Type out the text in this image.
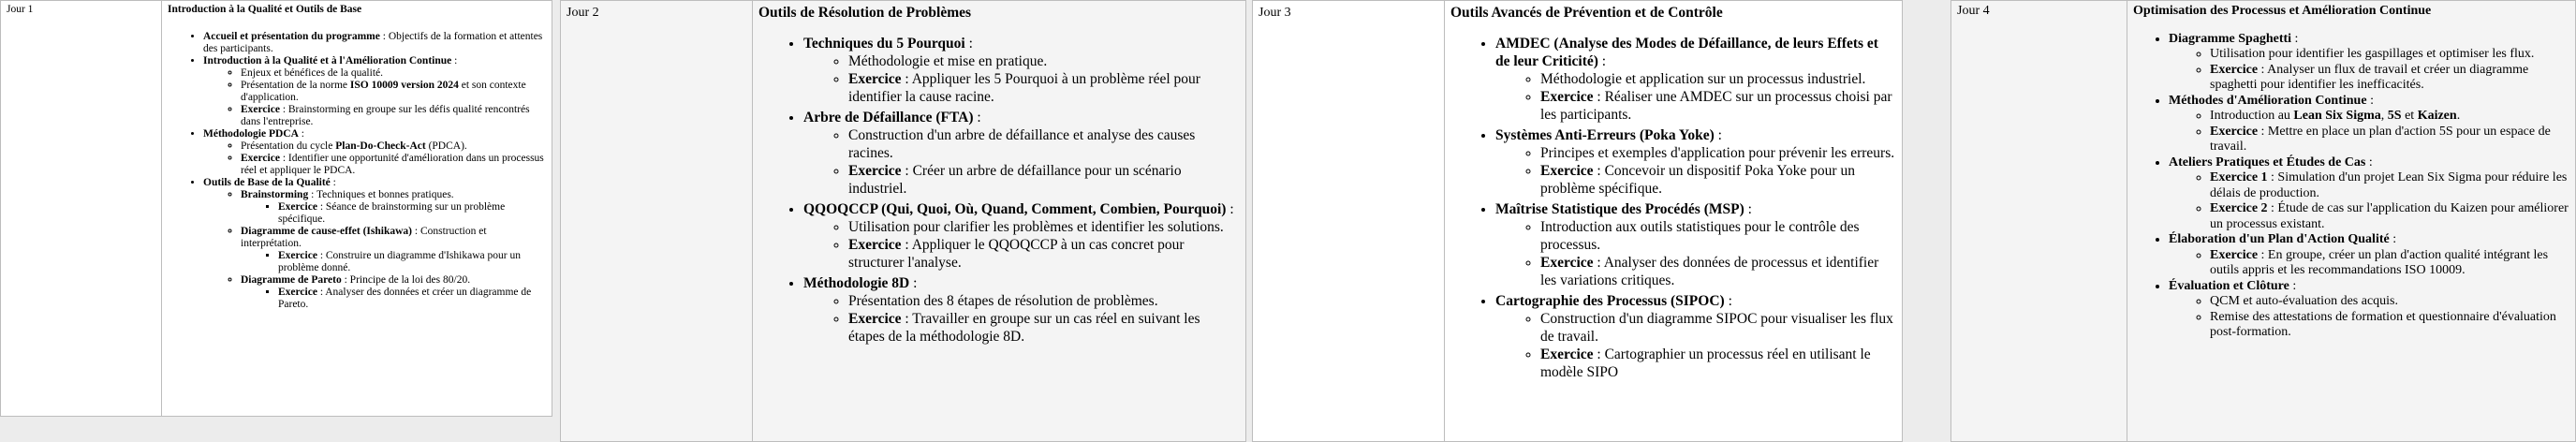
Jour 1	Introduction à la Qualité et Outils de Base
• Accueil et présentation du programme : Objectifs de la formation et attentes des participants.
• Introduction à la Qualité et à l'Amélioration Continue :
◦ Enjeux et bénéfices de la qualité.
◦ Présentation de la norme ISO 10009 version 2024 et son contexte d'application.
◦ Exercice : Brainstorming en groupe sur les défis qualité rencontrés dans l'entreprise.
• Méthodologie PDCA :
◦ Présentation du cycle Plan-Do-Check-Act (PDCA).
◦ Exercice : Identifier une opportunité d'amélioration dans un processus réel et appliquer le PDCA.
• Outils de Base de la Qualité :
◦ Brainstorming : Techniques et bonnes pratiques.
▪ Exercice : Séance de brainstorming sur un problème spécifique.
◦ Diagramme de cause-effet (Ishikawa) : Construction et interprétation.
▪ Exercice : Construire un diagramme d'Ishikawa pour un problème donné.
◦ Diagramme de Pareto : Principe de la loi des 80/20.
▪ Exercice : Analyser des données et créer un diagramme de Pareto.
Jour 2	Outils de Résolution de Problèmes
• Techniques du 5 Pourquoi :
◦ Méthodologie et mise en pratique.
◦ Exercice : Appliquer les 5 Pourquoi à un problème réel pour identifier la cause racine.
• Arbre de Défaillance (FTA) :
◦ Construction d'un arbre de défaillance et analyse des causes racines.
◦ Exercice : Créer un arbre de défaillance pour un scénario industriel.
• QQOQCCP (Qui, Quoi, Où, Quand, Comment, Combien, Pourquoi) :
◦ Utilisation pour clarifier les problèmes et identifier les solutions.
◦ Exercice : Appliquer le QQOQCCP à un cas concret pour structurer l'analyse.
• Méthodologie 8D :
◦ Présentation des 8 étapes de résolution de problèmes.
◦ Exercice : Travailler en groupe sur un cas réel en suivant les étapes de la méthodologie 8D.
Jour 3	Outils Avancés de Prévention et de Contrôle
• AMDEC (Analyse des Modes de Défaillance, de leurs Effets et de leur Criticité) :
◦ Méthodologie et application sur un processus industriel.
◦ Exercice : Réaliser une AMDEC sur un processus choisi par les participants.
• Systèmes Anti-Erreurs (Poka Yoke) :
◦ Principes et exemples d'application pour prévenir les erreurs.
◦ Exercice : Concevoir un dispositif Poka Yoke pour un problème spécifique.
• Maîtrise Statistique des Procédés (MSP) :
◦ Introduction aux outils statistiques pour le contrôle des processus.
◦ Exercice : Analyser des données de processus et identifier les variations critiques.
• Cartographie des Processus (SIPOC) :
◦ Construction d'un diagramme SIPOC pour visualiser les flux de travail.
◦ Exercice : Cartographier un processus réel en utilisant le modèle SIPO
Jour 4	Optimisation des Processus et Amélioration Continue
• Diagramme Spaghetti :
◦ Utilisation pour identifier les gaspillages et optimiser les flux.
◦ Exercice : Analyser un flux de travail et créer un diagramme spaghetti pour identifier les inefficacités.
• Méthodes d'Amélioration Continue :
◦ Introduction au Lean Six Sigma, 5S et Kaizen.
◦ Exercice : Mettre en place un plan d'action 5S pour un espace de travail.
• Ateliers Pratiques et Études de Cas :
◦ Exercice 1 : Simulation d'un projet Lean Six Sigma pour réduire les délais de production.
◦ Exercice 2 : Étude de cas sur l'application du Kaizen pour améliorer un processus existant.
• Élaboration d'un Plan d'Action Qualité :
◦ Exercice : En groupe, créer un plan d'action qualité intégrant les outils appris et les recommandations ISO 10009.
• Évaluation et Clôture :
◦ QCM et auto-évaluation des acquis.
◦ Remise des attestations de formation et questionnaire d'évaluation post-formation.
